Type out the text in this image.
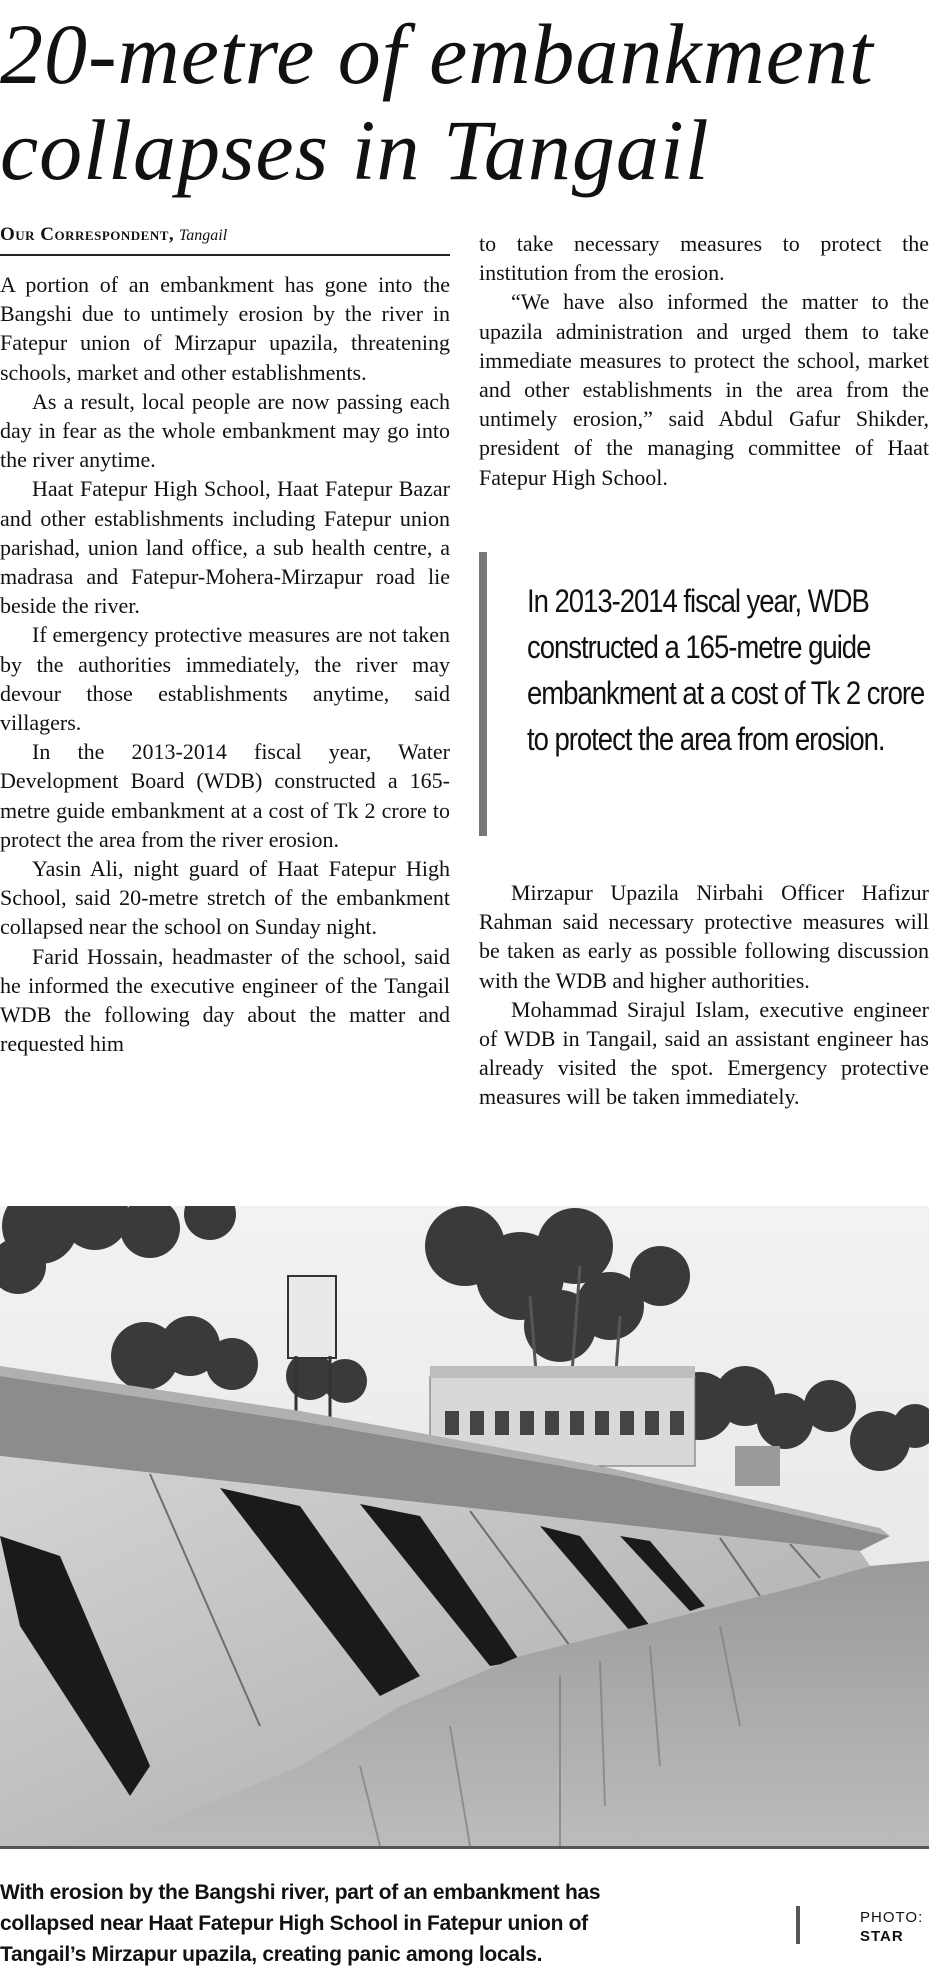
20-metre of embankment
collapses in Tangail
Our Correspondent, Tangail

A portion of an embankment has gone into the Bangshi due to untimely erosion by the river in Fatepur union of Mirzapur upazila, threatening schools, market and other establishments.

As a result, local people are now passing each day in fear as the whole embankment may go into the river anytime.

Haat Fatepur High School, Haat Fatepur Bazar and other establishments including Fatepur union parishad, union land office, a sub health centre, a madrasa and Fatepur-Mohera-Mirzapur road lie beside the river.

If emergency protective measures are not taken by the authorities immediately, the river may devour those establishments anytime, said villagers.

In the 2013-2014 fiscal year, Water Development Board (WDB) constructed a 165-metre guide embankment at a cost of Tk 2 crore to protect the area from the river erosion.

Yasin Ali, night guard of Haat Fatepur High School, said 20-metre stretch of the embankment collapsed near the school on Sunday night.

Farid Hossain, headmaster of the school, said he informed the executive engineer of the Tangail WDB the following day about the matter and requested him

to take necessary measures to protect the institution from the erosion.

“We have also informed the matter to the upazila administration and urged them to take immediate measures to protect the school, market and other establishments in the area from the untimely erosion,” said Abdul Gafur Shikder, president of the managing committee of Haat Fatepur High School.

In 2013-2014 fiscal year, WDB constructed a 165-metre guide embankment at a cost of Tk 2 crore to protect the area from erosion.

Mirzapur Upazila Nirbahi Officer Hafizur Rahman said necessary protective measures will be taken as early as possible following discussion with the WDB and higher authorities.

Mohammad Sirajul Islam, executive engineer of WDB in Tangail, said an assistant engineer has already visited the spot. Emergency protective measures will be taken immediately.

With erosion by the Bangshi river, part of an embankment has collapsed near Haat Fatepur High School in Fatepur union of Tangail’s Mirzapur upazila, creating panic among locals.
PHOTO:
STAR
